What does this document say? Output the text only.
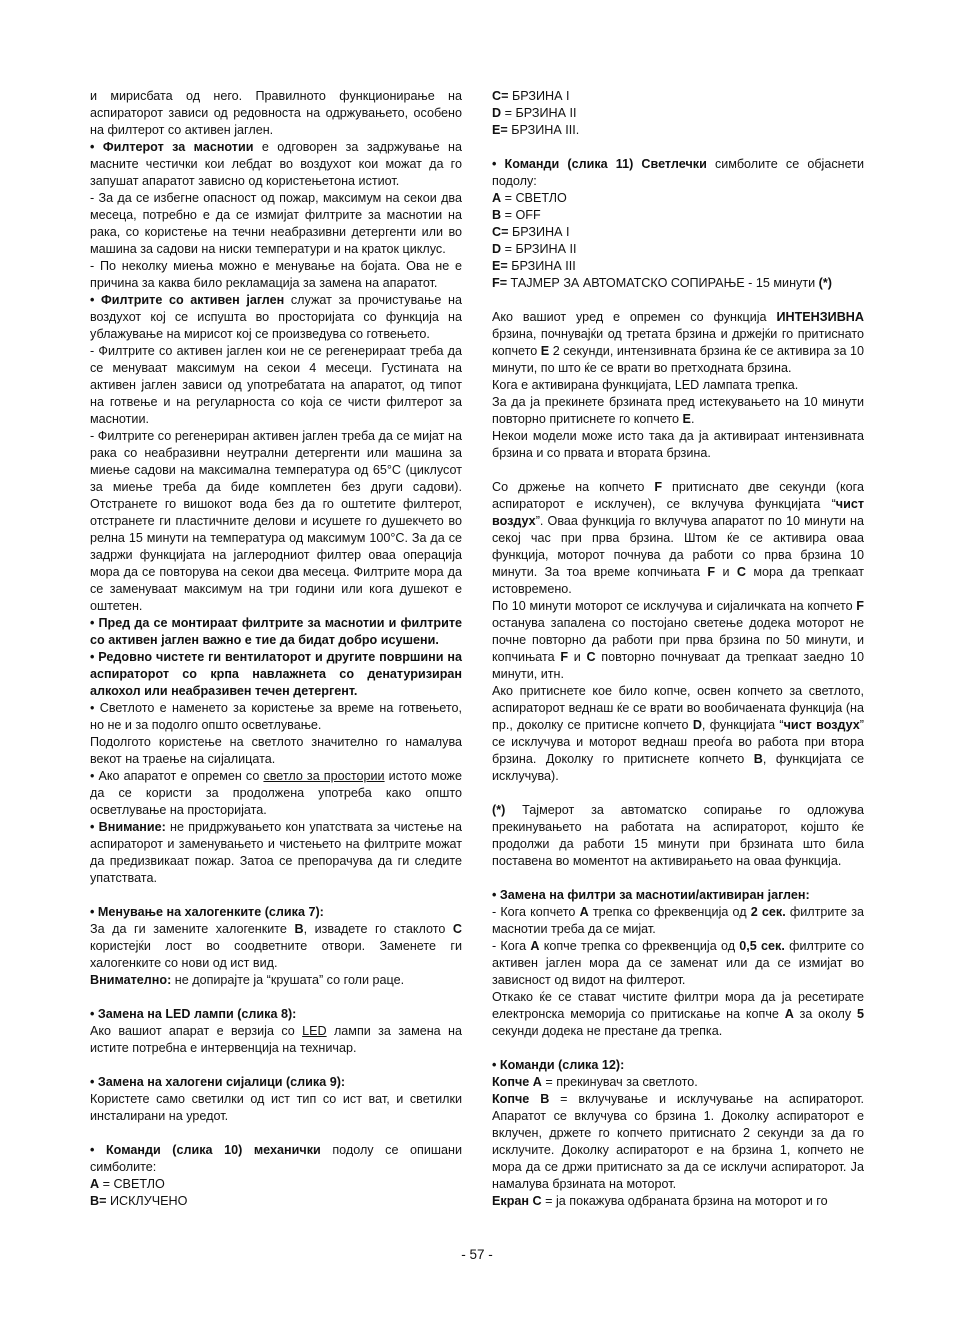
и мирисбата од него. Правилното функционирање на аспираторот зависи од редовноста на одржувањето, особено на филтерот со активен јаглен.

• Филтерот за маснотии е одговорен за задржување на масните честички кои лебдат во воздухот кои можат да го запушат апаратот зависно од користењетона истиот.

- За да се избегне опасност од пожар, максимум на секои два месеца, потребно е да се измијат филтрите за маснотии на рака, со користење на течни неабразивни детергенти или во машина за садови на ниски температури и на краток циклус.

- По неколку миења можно е менување на бојата. Ова не е причина за каква било рекламација за замена на апаратот.

• Филтрите со активен јаглен служат за прочистување на воздухот кој се испушта во просторијата со функција на ублажување на мирисот кој се произведува со готвењето.

- Филтрите со активен јаглен кои не се регенерираат треба да се менуваат максимум на секои 4 месеци. Густината на активен јаглен зависи од употребатата на апаратот, од типот на готвење и на регуларноста со која се чисти филтерот за маснотии.

- Филтрите со регенериран активен јаглен треба да се мијат на рака со неабразивни неутрални детергенти или машина за миење садови на максимална температура од 65°C (циклусот за миење треба да биде комплетен без други садови). Отстранете го вишокот вода без да го оштетите филтерот, отстранете ги пластичните делови и исушете го душекчето во релна 15 минути на температура од максимум 100°C. За да се задржи функцијата на јаглеродниот филтер оваа операција мора да се повторува на секои два месеца. Филтрите мора да се заменуваат максимум на три години или кога душекот е оштетен.

• Пред да се монтираат филтрите за маснотии и филтрите со активен јаглен важно е тие да бидат добро исушени.

• Редовно чистете ги вентилаторот и другите површини на аспираторот со крпа навлажнета со денатуризиран алкохол или неабразивен течен детергент.

• Светлото е наменето за користење за време на готвењето, но не и за подолго општо осветлување.

Подолгото користење на светлото значително го намалува векот на траење на сијалицата.

• Ако апаратот е опремен со светло за простории истото може да се користи за продолжена употреба како општо осветлување на просторијата.

• Внимание: не придржувањето кон упатствата за чистење на аспираторот и заменувањето и чистењето на филтрите можат да предизвикаат пожар. Затоа се препорачува да ги следите упатствата.

• Менување на халогенките (слика 7):

За да ги замените халогенките B, извадете го стаклото C користејќи лост во соодветните отвори. Заменете ги халогенките со нови од ист вид.

Внимателно: не допирајте ја “крушата” со голи раце.

• Замена на LED лампи (слика 8):

Ако вашиот апарат е верзија со LED лампи за замена на истите потребна е интервенција на техничар.

• Замена на халогени сијалици (слика 9):

Користете само светилки од ист тип со ист ват, и светилки инсталирани на уредот.

• Команди (слика 10) механички подолу се опишани симболите:

A = СВЕТЛО

B= ИСКЛУЧЕНО

C= БРЗИНА I

D = БРЗИНА II

E= БРЗИНА III.

• Команди (слика 11) Светлечки симболите се објаснети подолу:

A = СВЕТЛО

B = OFF

C= БРЗИНА I

D = БРЗИНА II

E= БРЗИНА III

F= ТАЈМЕР ЗА АВТОМАТСКО СОПИРАЊЕ - 15 минути (*)

Ако вашиот уред е опремен со функција ИНТЕНЗИВНА брзина, почнувајќи од третата брзина и држејќи го притиснато копчето E 2 секунди, интензивната брзина ќе се активира за 10 минути, по што ќе се врати во претходната брзина.

Кога е активирана функцијата, LED лампата трепка.

За да ја прекинете брзината пред истекувањето на 10 минути повторно притиснете го копчето E.

Некои модели може исто така да ја активираат интензивната брзина и со првата и втората брзина.

Со држење на копчето F притиснато две секунди (кога аспираторот е исклучен), се вклучува функцијата “чист воздух”. Оваа функција го вклучува апаратот по 10 минути на секој час при прва брзина. Штом ќе се активира оваа функција, моторот почнува да работи со прва брзина 10 минути. За тоа време копчињата F и C мора да трепкаат истовремено.

По 10 минути моторот се исклучува и сијаличката на копчето F останува запалена со постојано светење додека моторот не почне повторно да работи при прва брзина по 50 минути, и копчињата F и C повторно почнуваат да трепкаат заедно 10 минути, итн.

Ако притиснете кое било копче, освен копчето за светлото, аспираторот веднаш ќе се врати во вообичаената функција (на пр., доколку се притисне копчето D, функцијата “чист воздух” се исклучува и моторот веднаш преоѓа во работа при втора брзина. Доколку го притиснете копчето B, функцијата се исклучува).

(*) Тајмерот за автоматско сопирање го одложува прекинувањето на работата на аспираторот, којшто ќе продолжи да работи 15 минути при брзината што била поставена во моментот на активирањето на оваа функција.

• Замена на филтри за маснотии/активиран јаглен:

- Кога копчето A трепка со фреквенција од 2 сек. филтрите за маснотии треба да се мијат.

- Кога A копче трепка со фреквенција од 0,5 сек. филтрите со активен јаглен мора да се заменат или да се измијат во зависност од видот на филтерот.

Откако ќе се стават чистите филтри мора да ја ресетирате електронска меморија со притискање на копче A за околу 5 секунди додека не престане да трепка.

• Команди (слика 12):

Копче A = прекинувач за светлото.

Копче B = вклучување и исклучување на аспираторот. Апаратот се вклучува со брзина 1. Доколку аспираторот е вклучен, држете го копчето притиснато 2 секунди за да го исклучите. Доколку аспираторот е на брзина 1, копчето не мора да се држи притиснато за да се исклучи аспираторот. Ја намалува брзината на моторот.

Екран C = ја покажува одбраната брзина на моторот и го

- 57 -
